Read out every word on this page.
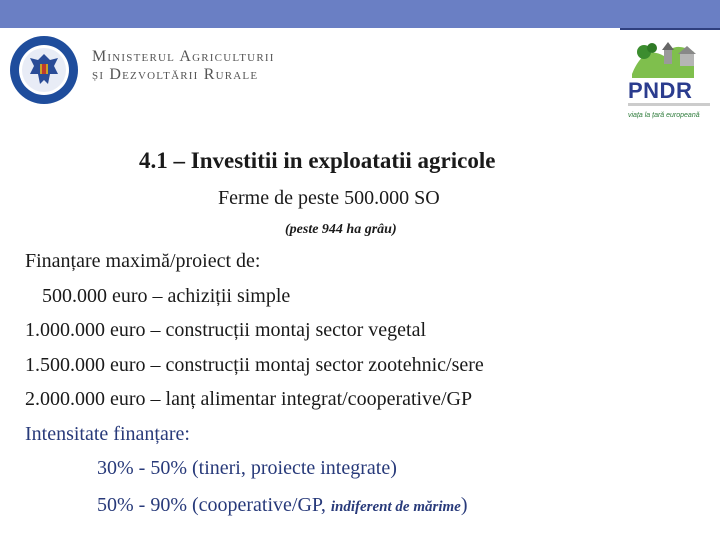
Ministerul Agriculturii
și Dezvoltării Rurale
PNDR
viața la țară europeană
4.1 – Investitii in exploatatii agricole
Ferme de peste 500.000 SO
(peste 944 ha grâu)
Finanțare maximă/proiect de:
500.000 euro – achiziții simple
1.000.000 euro – construcții montaj sector vegetal
1.500.000 euro – construcții montaj sector zootehnic/sere
2.000.000 euro – lanț alimentar integrat/cooperative/GP
Intensitate finanțare:
30% - 50% (tineri, proiecte integrate)
50% - 90% (cooperative/GP, indiferent de mărime)
